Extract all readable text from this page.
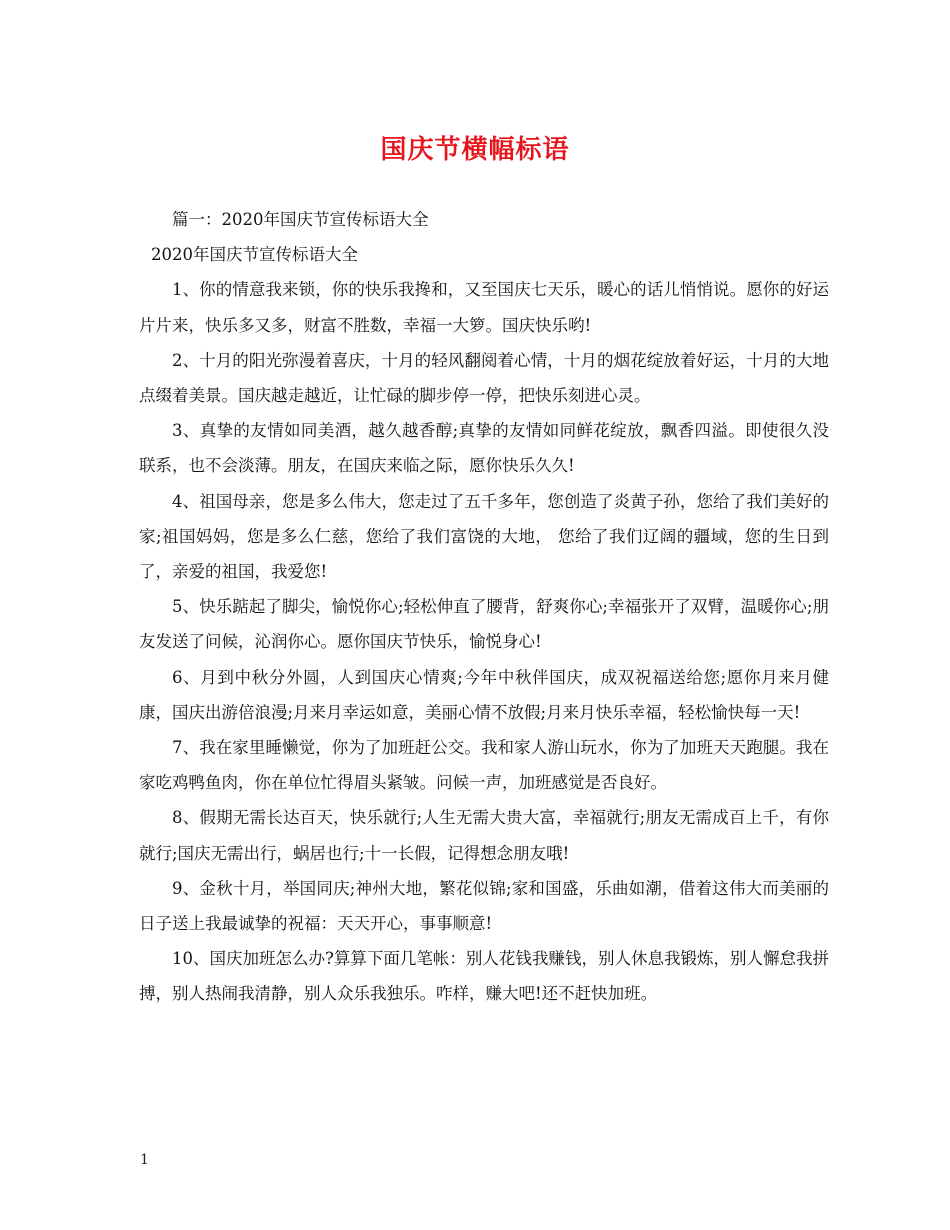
国庆节横幅标语

篇一：2020年国庆节宣传标语大全

2020年国庆节宣传标语大全

1、你的情意我来锁，你的快乐我搀和，又至国庆七天乐，暖心的话儿悄悄说。愿你的好运片片来，快乐多又多，财富不胜数，幸福一大箩。国庆快乐哟!

2、十月的阳光弥漫着喜庆，十月的轻风翻阅着心情，十月的烟花绽放着好运，十月的大地点缀着美景。国庆越走越近，让忙碌的脚步停一停，把快乐刻进心灵。

3、真挚的友情如同美酒，越久越香醇;真挚的友情如同鲜花绽放，飘香四溢。即使很久没联系，也不会淡薄。朋友，在国庆来临之际，愿你快乐久久!

4、祖国母亲，您是多么伟大，您走过了五千多年，您创造了炎黄子孙，您给了我们美好的家;祖国妈妈，您是多么仁慈，您给了我们富饶的大地， 您给了我们辽阔的疆域，您的生日到了，亲爱的祖国，我爱您!

5、快乐踮起了脚尖，愉悦你心;轻松伸直了腰背，舒爽你心;幸福张开了双臂，温暖你心;朋友发送了问候，沁润你心。愿你国庆节快乐，愉悦身心!

6、月到中秋分外圆，人到国庆心情爽;今年中秋伴国庆，成双祝福送给您;愿你月来月健康，国庆出游倍浪漫;月来月幸运如意，美丽心情不放假;月来月快乐幸福，轻松愉快每一天!

7、我在家里睡懒觉，你为了加班赶公交。我和家人游山玩水，你为了加班天天跑腿。我在家吃鸡鸭鱼肉，你在单位忙得眉头紧皱。问候一声，加班感觉是否良好。

8、假期无需长达百天，快乐就行;人生无需大贵大富，幸福就行;朋友无需成百上千，有你就行;国庆无需出行，蜗居也行;十一长假，记得想念朋友哦!

9、金秋十月，举国同庆;神州大地，繁花似锦;家和国盛，乐曲如潮，借着这伟大而美丽的日子送上我最诚挚的祝福：天天开心，事事顺意!

10、国庆加班怎么办?算算下面几笔帐：别人花钱我赚钱，别人休息我锻炼，别人懈怠我拼搏，别人热闹我清静，别人众乐我独乐。咋样，赚大吧!还不赶快加班。

1
